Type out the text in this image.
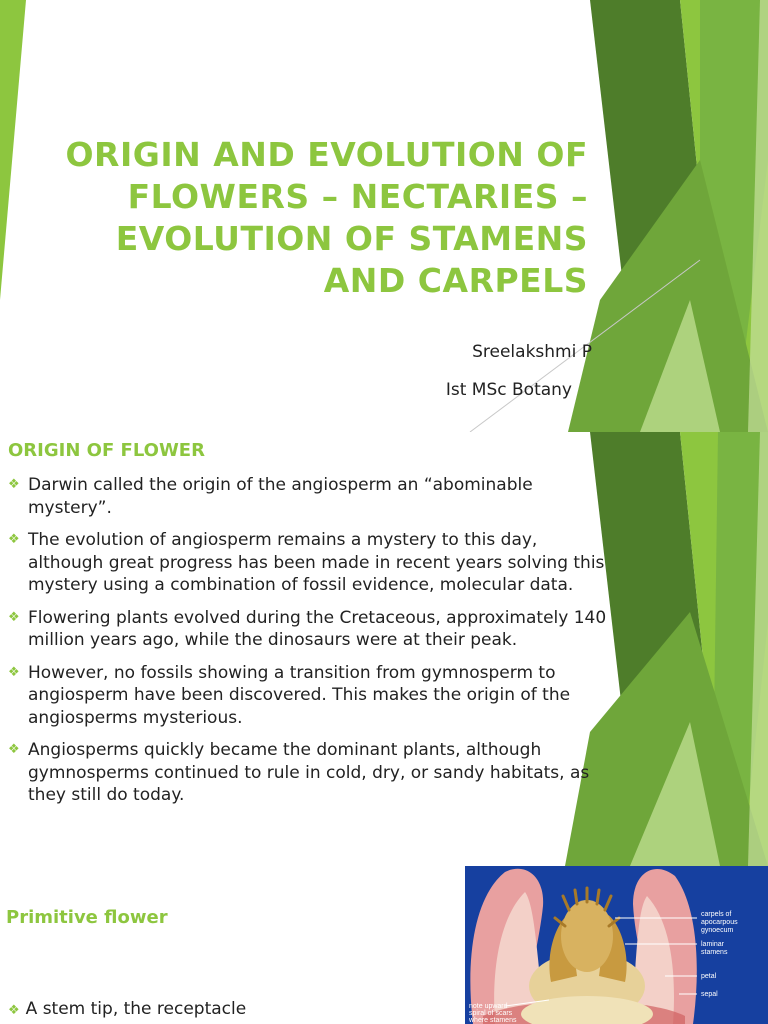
ORIGIN AND EVOLUTION OF FLOWERS – NECTARIES – EVOLUTION OF STAMENS AND CARPELS

Sreelakshmi P

Ist MSc Botany

ORIGIN OF FLOWER
❖ Darwin called the origin of the angiosperm an “abominable mystery”.
❖ The evolution of angiosperm remains a mystery to this day, although great progress has been made in recent years solving this mystery using a combination of fossil evidence, molecular data.
❖ Flowering plants evolved during the Cretaceous, approximately 140 million years ago, while the dinosaurs were at their peak.
❖ However, no fossils showing a transition from gymnosperm to angiosperm have been discovered. This makes the origin of the angiosperms mysterious.
❖ Angiosperms quickly became the dominant plants, although gymnosperms continued to rule in cold, dry, or sandy habitats, as they still do today.
Primitive flower

❖ A stem tip, the receptacle

carpels of
apocarpous
gynoecum
laminar
stamens
petal
sepal
note upward
spiral of scars
where stamens
